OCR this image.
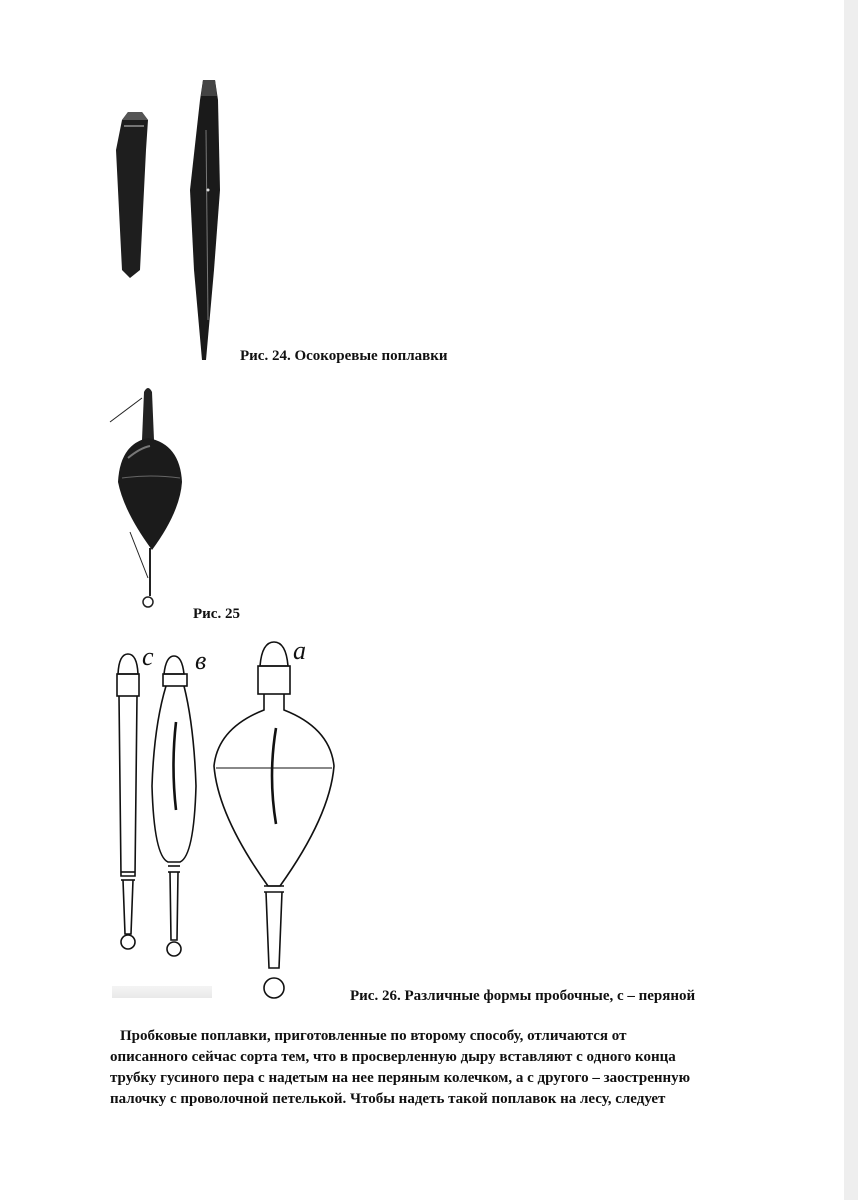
Рис. 24. Осокоревые поплавки
Рис. 25
с в	а
Рис. 26. Различные формы пробочные, с – перяной

Пробковые поплавки, приготовленные по второму способу, отличаются от

описанного сейчас сорта тем, что в просверленную дыру вставляют с одного конца

трубку гусиного пера с надетым на нее перяным колечком, а с другого – заостренную

палочку с проволочной петелькой. Чтобы надеть такой поплавок на лесу, следует
